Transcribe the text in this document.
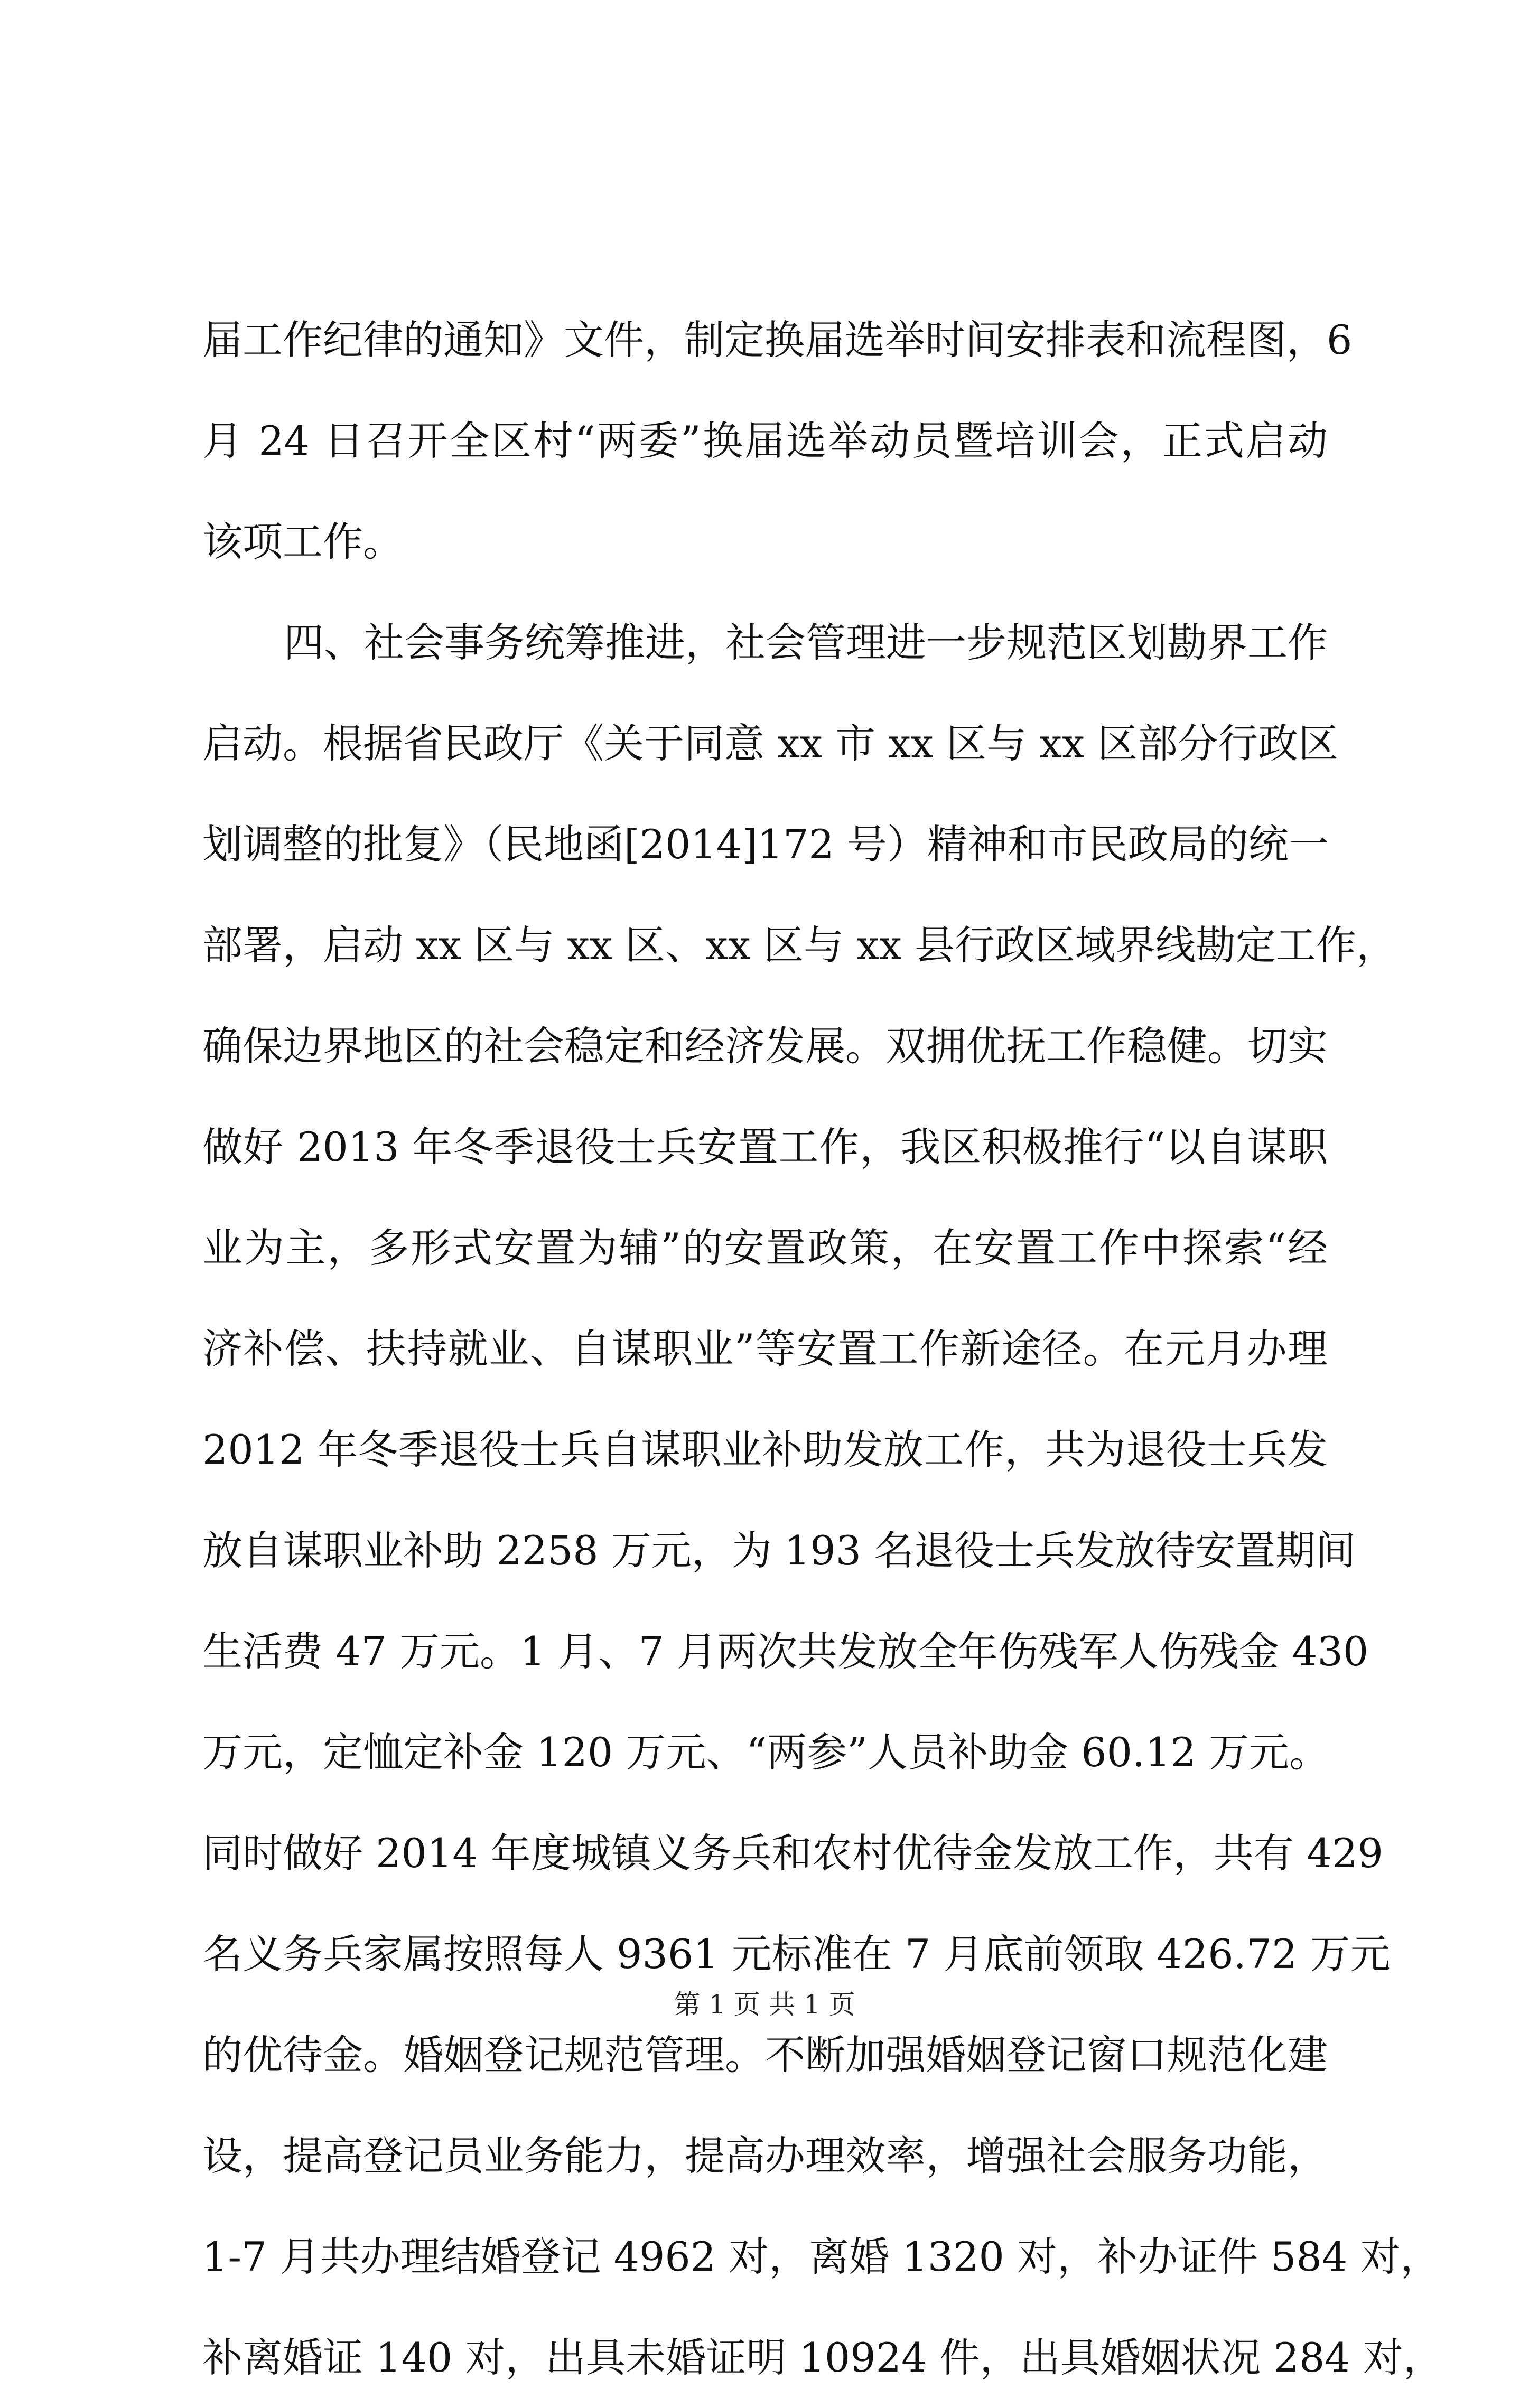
届工作纪律的通知》文件，制定换届选举时间安排表和流程图，6
月 24 日召开全区村“两委”换届选举动员暨培训会，正式启动
该项工作。
四、社会事务统筹推进，社会管理进一步规范区划勘界工作
启动。根据省民政厅《关于同意 xx 市 xx 区与 xx 区部分行政区
划调整的批复》（民地函[2014]172 号）精神和市民政局的统一
部署，启动 xx 区与 xx 区、xx 区与 xx 县行政区域界线勘定工作，
确保边界地区的社会稳定和经济发展。双拥优抚工作稳健。切实
做好 2013 年冬季退役士兵安置工作，我区积极推行“以自谋职
业为主，多形式安置为辅”的安置政策，在安置工作中探索“经
济补偿、扶持就业、自谋职业”等安置工作新途径。在元月办理
2012 年冬季退役士兵自谋职业补助发放工作，共为退役士兵发
放自谋职业补助 2258 万元，为 193 名退役士兵发放待安置期间
生活费 47 万元。1 月、7 月两次共发放全年伤残军人伤残金 430
万元，定恤定补金 120 万元、“两参”人员补助金 60.12 万元。
同时做好 2014 年度城镇义务兵和农村优待金发放工作，共有 429
名义务兵家属按照每人 9361 元标准在 7 月底前领取 426.72 万元
的优待金。婚姻登记规范管理。不断加强婚姻登记窗口规范化建
设，提高登记员业务能力，提高办理效率，增强社会服务功能，
1-7 月共办理结婚登记 4962 对，离婚 1320 对，补办证件 584 对，
补离婚证 140 对，出具未婚证明 10924 件，出具婚姻状况 284 对，
第 1 页 共 1 页
